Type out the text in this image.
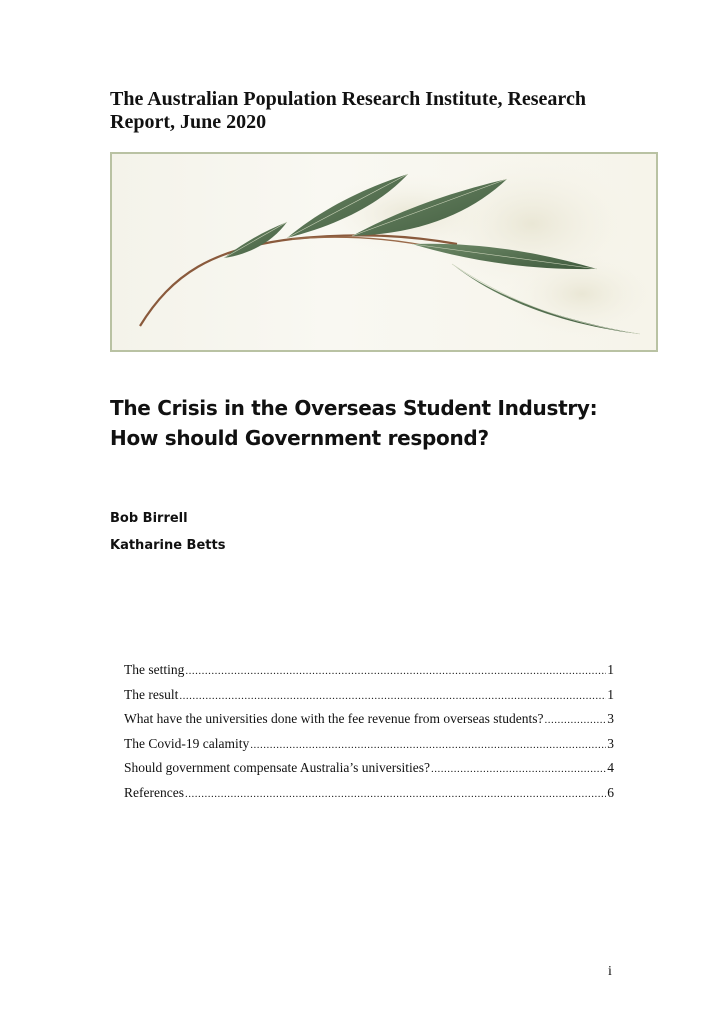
The Australian Population Research Institute, Research Report, June 2020
The Crisis in the Overseas Student Industry: How should Government respond?
Bob Birrell
Katharine Betts
The setting .....	1
The result .....	1
What have the universities done with the fee revenue from overseas students? .....	3
The Covid-19 calamity .....	3
Should government compensate Australia’s universities? .....	4
References .....	6
i
